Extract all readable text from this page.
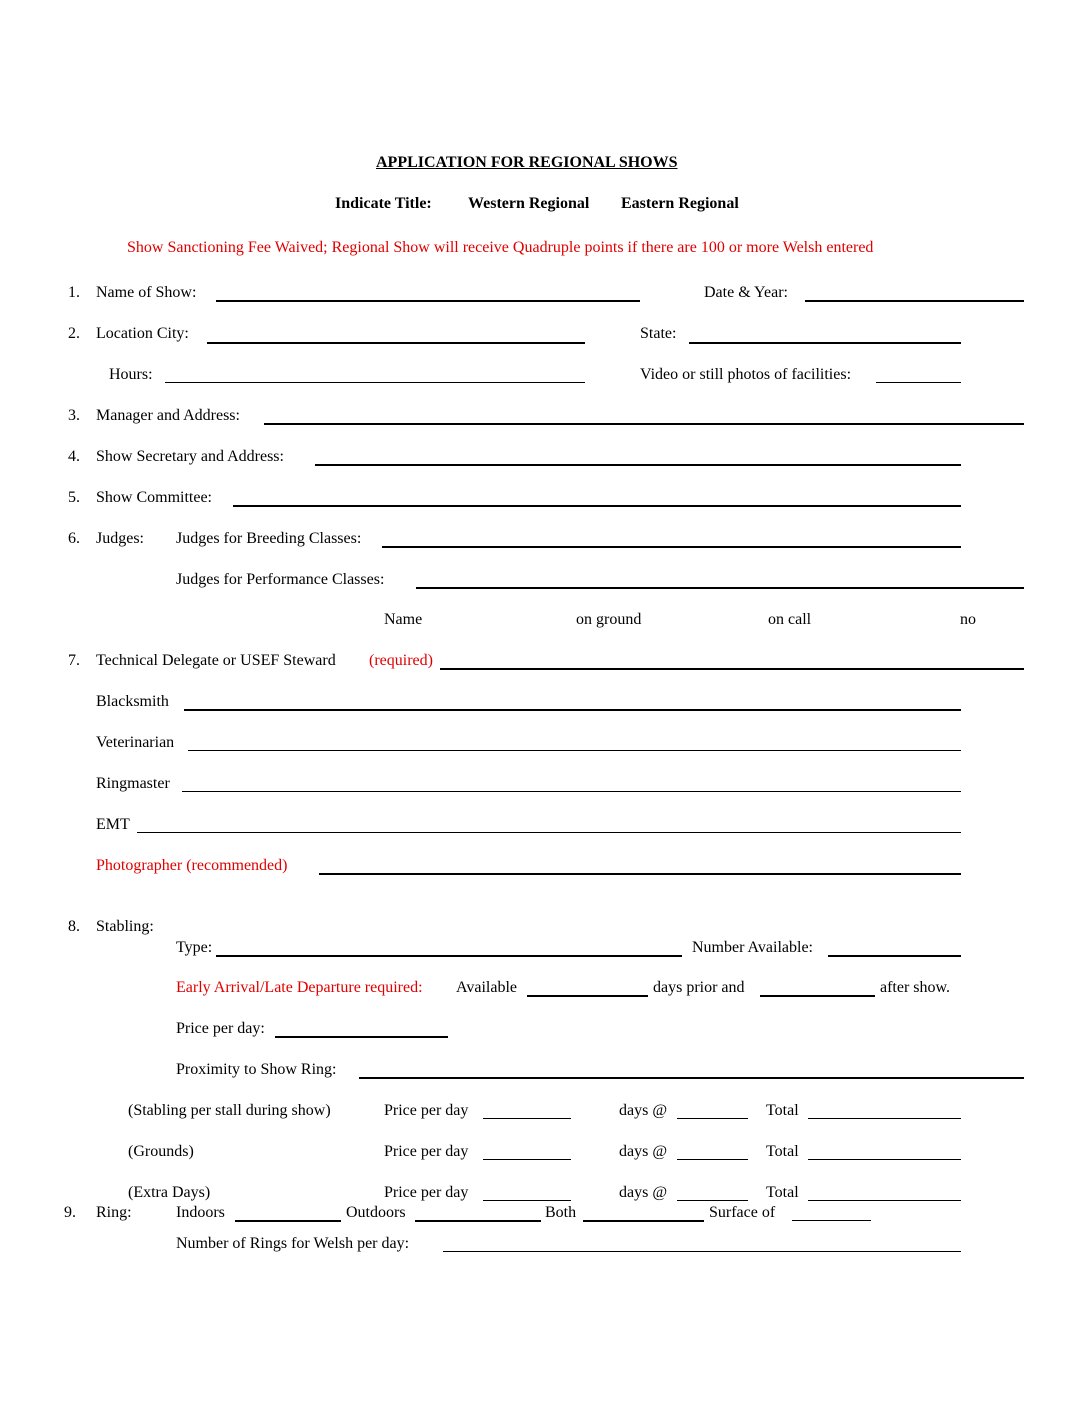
APPLICATION FOR REGIONAL SHOWS
Indicate Title: Western Regional Eastern Regional
Show Sanctioning Fee Waived; Regional Show will receive Quadruple points if there are 100 or more Welsh entered
1. Name of Show:	Date & Year:
2. Location City:	State:
Hours:	Video or still photos of facilities:
3. Manager and Address:
4. Show Secretary and Address:
5. Show Committee:
6. Judges: Judges for Breeding Classes:
Judges for Performance Classes:
Name	on ground	on call	no
7. Technical Delegate or USEF Steward (required)
Blacksmith
Veterinarian
Ringmaster
EMT
Photographer (recommended)
8. Stabling:
Type:	Number Available:
Early Arrival/Late Departure required: Available	days prior and	after show.
Price per day:
Proximity to Show Ring:
(Stabling per stall during show)	Price per day	days @	Total
(Grounds)	Price per day	days @	Total
(Extra Days)	Price per day	days @	Total
9. Ring:	Indoors	Outdoors	Both	Surface of
Number of Rings for Welsh per day:
